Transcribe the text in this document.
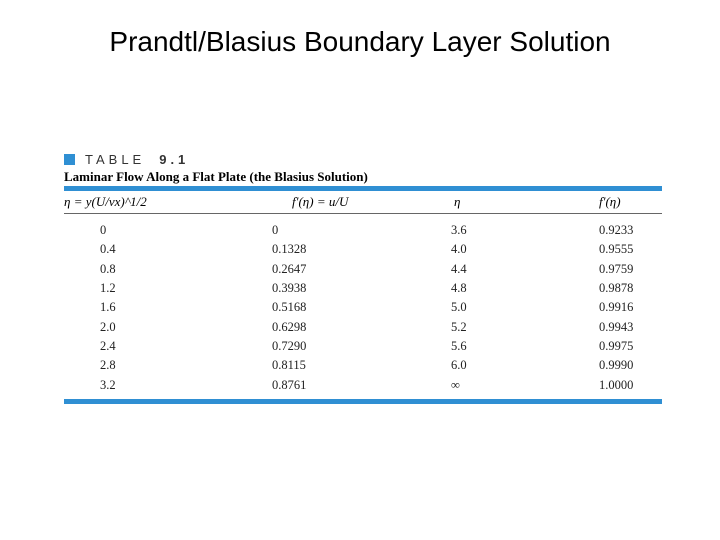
Prandtl/Blasius Boundary Layer Solution
TABLE 9.1
Laminar Flow Along a Flat Plate (the Blasius Solution)
η = y(U/νx)^1/2	f′(η) = u/U	η	f′(η)
0	0	3.6	0.9233
0.4	0.1328	4.0	0.9555
0.8	0.2647	4.4	0.9759
1.2	0.3938	4.8	0.9878
1.6	0.5168	5.0	0.9916
2.0	0.6298	5.2	0.9943
2.4	0.7290	5.6	0.9975
2.8	0.8115	6.0	0.9990
3.2	0.8761	∞	1.0000
